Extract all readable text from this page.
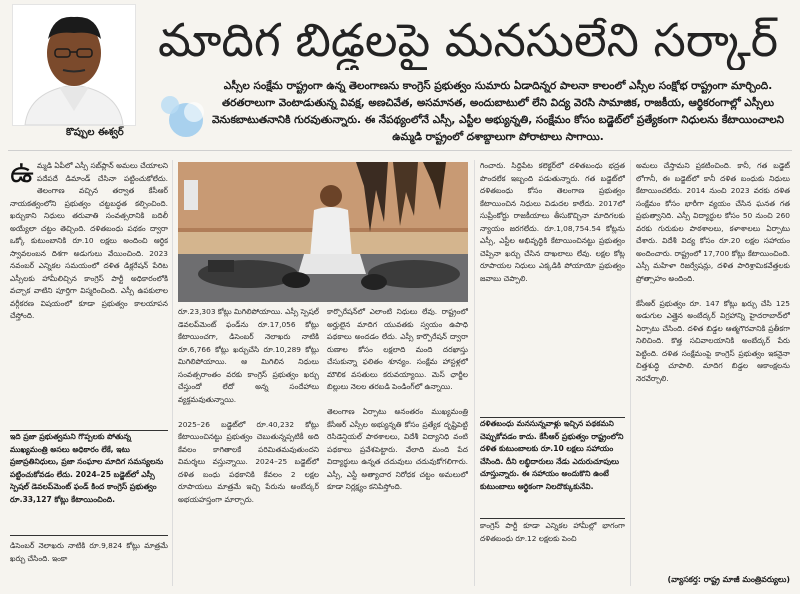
కొప్పుల ఈశ్వర్
మాదిగ బిడ్డలపై మనసులేని సర్కార్
ఎస్సీల సంక్షేమ రాష్ట్రంగా ఉన్న తెలంగాణను కాంగ్రెస్ ప్రభుత్వం సుమారు ఏడాదిన్నర పాలనా కాలంలో ఎస్సీల సంక్షోభ రాష్ట్రంగా మార్చింది. తరతరాలుగా వెంటాడుతున్న వివక్ష, అణచివేత, అసమానత, అందుబాటులో లేని విద్య వెరసి సామాజిక, రాజకీయ, ఆర్థికరంగాల్లో ఎస్సీలు వెనుకబాటుతనానికి గురవుతున్నారు. ఈ నేపథ్యంలోనే ఎస్సీ, ఎస్టీల అభ్యున్నతి, సంక్షేమం కోసం బడ్జెట్‌లో ప్రత్యేకంగా నిధులను కేటాయించాలని ఉమ్మడి రాష్ట్రంలో దశాబ్దాలుగా పోరాటాలు సాగాయి.
ఉ మ్మడి ఏపీలో ఎస్సీ సబ్‌ప్లాన్ అమలు చేయాలని పదేపదే డిమాండ్ చేసినా పట్టించుకోలేదు. తెలంగాణ వచ్చిన తర్వాత కేసీఆర్ నాయకత్వంలోని ప్రభుత్వం చట్టబద్ధత కల్పించింది. ఖర్చుకాని నిధులు తరువాతి సంవత్సరానికి బదిలీ అయ్యేలా చట్టం తెచ్చింది. దళితబంధు పథకం ద్వారా ఒక్కో కుటుంబానికి రూ.10 లక్షలు అందించి ఆర్థిక స్వావలంబన దిశగా అడుగులు వేయించింది. 2023 నవంబర్ ఎన్నికల సమయంలో దళిత డిక్లరేషన్ పేరిట ఎస్సీలకు హామీలిచ్చిన కాంగ్రెస్ పార్టీ అధికారంలోకి వచ్చాక వాటిని పూర్తిగా విస్మరించింది. ఎస్సీ ఉపకులాల వర్గీకరణ విషయంలో కూడా ప్రభుత్వం కాలయాపన చేస్తోంది.
ఇది ప్రజా ప్రభుత్వమని గొప్పలకు పోతున్న ముఖ్యమంత్రి అసలు అధికారం లేకే, ఇటు ప్రజాప్రతినిధులు, ప్రజా సంఘాల మాదిగ సమస్యలను పట్టించుకోవడం లేదు. 2024–25 బడ్జెట్‌లో ఎస్సీ స్పెషల్ డెవలప్‌మెంట్ ఫండ్ కింద కాంగ్రెస్ ప్రభుత్వం రూ.33,127 కోట్లు కేటాయించింది.
డిసెంబర్ నెలాఖరు నాటికి రూ.9,824 కోట్లు మాత్రమే ఖర్చు చేసింది. ఇంకా
రూ.23,303 కోట్లు మిగిలిపోయాయి. ఎస్సీ స్పెషల్ డెవలప్‌మెంట్ ఫండ్‌ను రూ.17,056 కోట్లు కేటాయించగా, డిసెంబర్ నెలాఖరు నాటికి రూ.6,766 కోట్లు ఖర్చుచేసి రూ.10,289 కోట్లు మిగిలిపోయాయి. ఆ మిగిలిన నిధులు సంవత్సరాంతం వరకు కాంగ్రెస్ ప్రభుత్వం ఖర్చు చేస్తుందో లేదో అన్న సందేహాలు వ్యక్తమవుతున్నాయి.

2025–26 బడ్జెట్‌లో రూ.40,232 కోట్లు కేటాయించినట్టు ప్రభుత్వం చెబుతున్నప్పటికీ అది కేవలం కాగితాలకే పరిమితమవుతుందని విమర్శలు వస్తున్నాయి. 2024–25 బడ్జెట్‌లో దళిత బంధు పథకానికి కేవలం 2 లక్షల రూపాయలు మాత్రమే ఇచ్చి పేరును అంబేద్కర్ అభయహస్తంగా మార్చారు.
కార్పొరేషన్‌లో ఎలాంటి నిధులు లేవు. రాష్ట్రంలో అర్హులైన మాదిగ యువతకు స్వయం ఉపాధి పథకాలు అందడం లేదు. ఎస్సీ కార్పొరేషన్ ద్వారా రుణాల కోసం లక్షలాది మంది దరఖాస్తు చేసుకున్నా ఫలితం శూన్యం. సంక్షేమ హాస్టళ్లలో మౌలిక వసతులు కరువయ్యాయి. మెస్ ఛార్జీల బిల్లులు నెలల తరబడి పెండింగ్‌లో ఉన్నాయి.

తెలంగాణ ఏర్పాటు అనంతరం ముఖ్యమంత్రి కేసీఆర్ ఎస్సీల అభ్యున్నతి కోసం ప్రత్యేక దృష్టిపెట్టి రెసిడెన్షియల్ పాఠశాలలు, విదేశీ విద్యానిధి వంటి పథకాలు ప్రవేశపెట్టారు. వేలాది మంది పేద విద్యార్థులు ఉన్నత చదువులు చదువుకోగలిగారు. ఎస్సీ, ఎస్టీ అత్యాచార నిరోధక చట్టం అమలులో కూడా నిర్లక్ష్యం కనిపిస్తోంది.
గించారు. సిద్దిపేట కలెక్టర్‌లో దళితబంధు భద్రత పొందలేక ఇబ్బంది పడుతున్నారు. గత బడ్జెట్‌లో దళితబంధు కోసం తెలంగాణ ప్రభుత్వం కేటాయించిన నిధులు విడుదల కాలేదు. 2017లో సుప్రీంకోర్టు రాజకీయాలు తీసుకొచ్చినా మాదిగలకు న్యాయం జరగలేదు. రూ.1,08,754.54 కోట్లను ఎస్సీ, ఎస్టీల అభివృద్ధికి కేటాయించినట్టు ప్రభుత్వం చెప్పినా ఖర్చు చేసిన దాఖలాలు లేవు. లక్షల కోట్ల రూపాయల నిధులు ఎక్కడికి పోయాయో ప్రభుత్వం జవాబు చెప్పాలి.
దళితబంధు మనసున్నవాళ్లు ఇచ్చిన పథకమని చెప్పుకోవడం కాదు. కేసీఆర్ ప్రభుత్వం రాష్ట్రంలోని దళిత కుటుంబాలకు రూ.10 లక్షలు సహాయం చేసింది. దీని లబ్ధిదారులు నేడు ఎదురుచూపులు చూస్తున్నారు. ఈ సహాయం అందుకొని ఉంటే కుటుంబాలు ఆర్థికంగా నిలదొక్కుకునేవి.
కాంగ్రెస్ పార్టీ కూడా ఎన్నికల హామీల్లో భాగంగా దళితబంధు రూ.12 లక్షలకు పెంచి
అమలు చేస్తామని ప్రకటించింది. కానీ, గత బడ్జెట్ లోగానీ, ఈ బడ్జెట్‌లో కానీ దళిత బంధుకు నిధులు కేటాయించలేదు. 2014 నుంచి 2023 వరకు దళిత సంక్షేమం కోసం భారీగా వ్యయం చేసిన ఘనత గత ప్రభుత్వానిది. ఎస్సీ విద్యార్థుల కోసం 50 నుంచి 260 వరకు గురుకుల పాఠశాలలు, కళాశాలలు ఏర్పాటు చేశారు. విదేశీ విద్య కోసం రూ.20 లక్షల సహాయం అందించారు. రాష్ట్రంలో 17,700 కోట్లు కేటాయించింది. ఎస్సీ మహిళా రిజర్వేషన్లు, దళిత పారిశ్రామికవేత్తలకు ప్రోత్సాహం అందింది.

కేసీఆర్ ప్రభుత్వం రూ. 147 కోట్లు ఖర్చు చేసి 125 అడుగుల ఎత్తైన అంబేద్కర్ విగ్రహాన్ని హైదరాబాద్‌లో ఏర్పాటు చేసింది. దళిత బిడ్డల ఆత్మగౌరవానికి ప్రతీకగా నిలిచింది. కొత్త సచివాలయానికి అంబేద్కర్ పేరు పెట్టింది. దళిత సంక్షేమంపై కాంగ్రెస్ ప్రభుత్వం ఇకనైనా చిత్తశుద్ధి చూపాలి. మాదిగ బిడ్డల ఆకాంక్షలను నెరవేర్చాలి.
(వ్యాసకర్త: రాష్ట్ర మాజీ మంత్రివర్యులు)
